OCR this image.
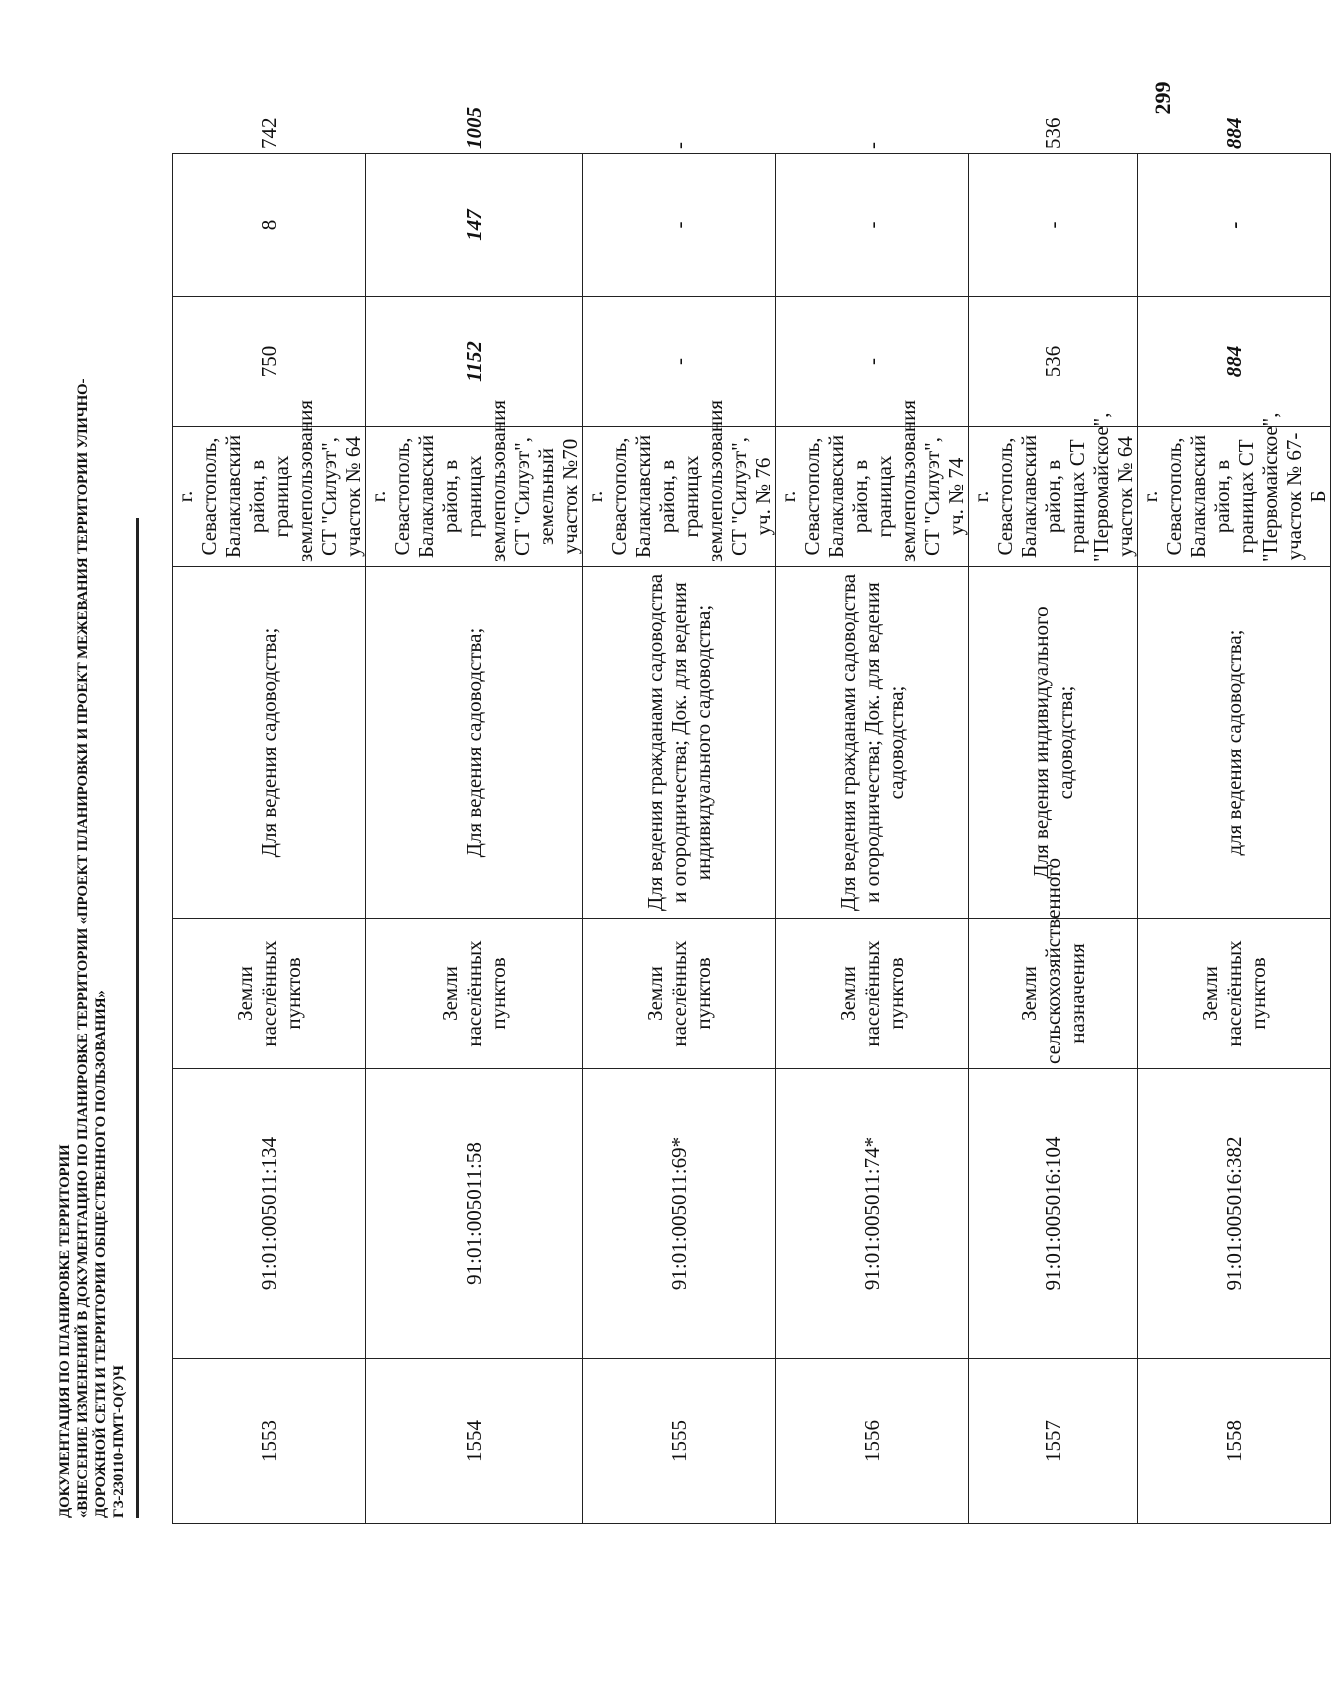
ДОКУМЕНТАЦИЯ ПО ПЛАНИРОВКЕ ТЕРРИТОРИИ «ВНЕСЕНИЕ ИЗМЕНЕНИЙ В ДОКУМЕНТАЦИЮ ПО ПЛАНИРОВКЕ ТЕРРИТОРИИ «ПРОЕКТ ПЛАНИРОВКИ И ПРОЕКТ МЕЖЕВАНИЯ ТЕРРИТОРИИ УЛИЧНО- ДОРОЖНОЙ СЕТИ И ТЕРРИТОРИИ ОБЩЕСТВЕННОГО ПОЛЬЗОВАНИЯ» ГЗ-230110-ПМТ-О(У)Ч
299
1553	91:01:005011:134	Земли населённых пунктов	Для ведения садоводства;	г. Севастополь, Балаклавский район, в границах землепользования СТ "Силуэт", участок № 64	750	8	742
1554	91:01:005011:58	Земли населённых пунктов	Для ведения садоводства;	г. Севастополь, Балаклавский район, в границах землепользования СТ "Силуэт", земельный участок №70	1152	147	1005
1555	91:01:005011:69*	Земли населённых пунктов	Для ведения гражданами садоводства и огородничества; Док. для ведения индивидуального садоводства;	г. Севастополь, Балаклавский район, в границах землепользования СТ "Силуэт", уч. № 76	-	-	-
1556	91:01:005011:74*	Земли населённых пунктов	Для ведения гражданами садоводства и огородничества; Док. для ведения садоводства;	г. Севастополь, Балаклавский район, в границах землепользования СТ "Силуэт", уч. № 74	-	-	-
1557	91:01:005016:104	Земли сельскохозяйственного назначения	Для ведения индивидуального садоводства;	г. Севастополь, Балаклавский район, в границах СТ "Первомайское", участок № 64	536	-	536
1558	91:01:005016:382	Земли населённых пунктов	для ведения садоводства;	г. Севастополь, Балаклавский район, в границах СТ "Первомайское", участок № 67-Б	884	-	884
